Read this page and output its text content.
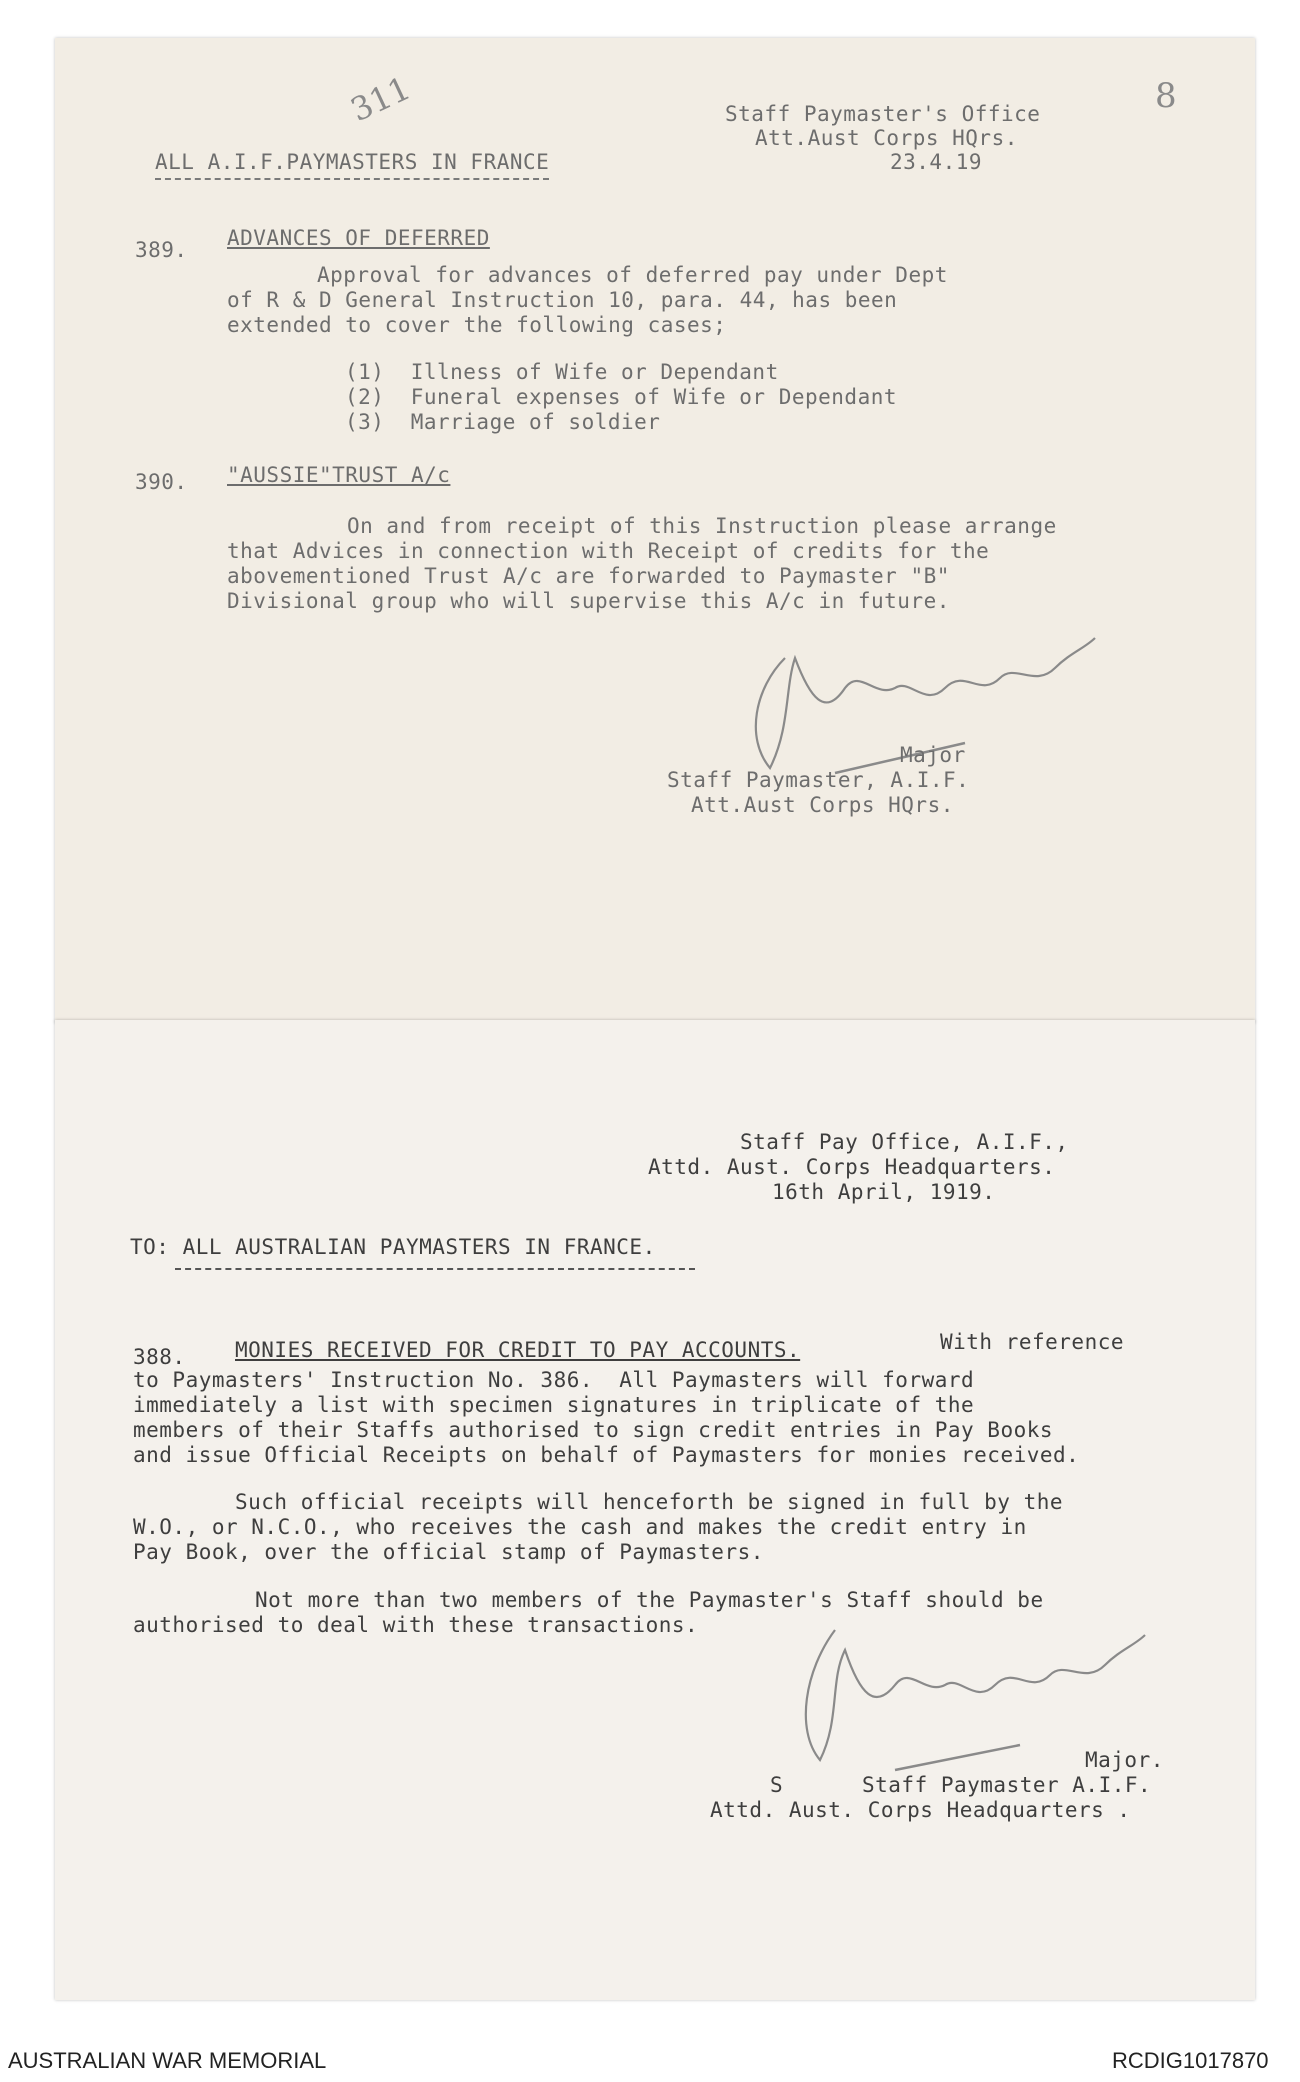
311	8
Staff Paymaster's Office
Att.Aust Corps HQrs.
23.4.19
ALL A.I.F.PAYMASTERS IN FRANCE
389. ADVANCES OF DEFERRED
Approval for advances of deferred pay under Dept
of R & D General Instruction 10, para. 44, has been
extended to cover the following cases;
(1)  Illness of Wife or Dependant
(2)  Funeral expenses of Wife or Dependant
(3)  Marriage of soldier
390. "AUSSIE"TRUST A/c
On and from receipt of this Instruction please arrange
that Advices in connection with Receipt of credits for the
abovementioned Trust A/c are forwarded to Paymaster "B"
Divisional group who will supervise this A/c in future.
Major
Staff Paymaster, A.I.F.
Att.Aust Corps HQrs.
Staff Pay Office, A.I.F.,
Attd. Aust. Corps Headquarters.
16th April, 1919.
TO: ALL AUSTRALIAN PAYMASTERS IN FRANCE.
388. MONIES RECEIVED FOR CREDIT TO PAY ACCOUNTS.	With reference
to Paymasters' Instruction No. 386.  All Paymasters will forward
immediately a list with specimen signatures in triplicate of the
members of their Staffs authorised to sign credit entries in Pay Books
and issue Official Receipts on behalf of Paymasters for monies received.
Such official receipts will henceforth be signed in full by the
W.O., or N.C.O., who receives the cash and makes the credit entry in
Pay Book, over the official stamp of Paymasters.
Not more than two members of the Paymaster's Staff should be
authorised to deal with these transactions.
Major.
S      Staff Paymaster A.I.F.
Attd. Aust. Corps Headquarters .
AUSTRALIAN WAR MEMORIAL	RCDIG1017870
